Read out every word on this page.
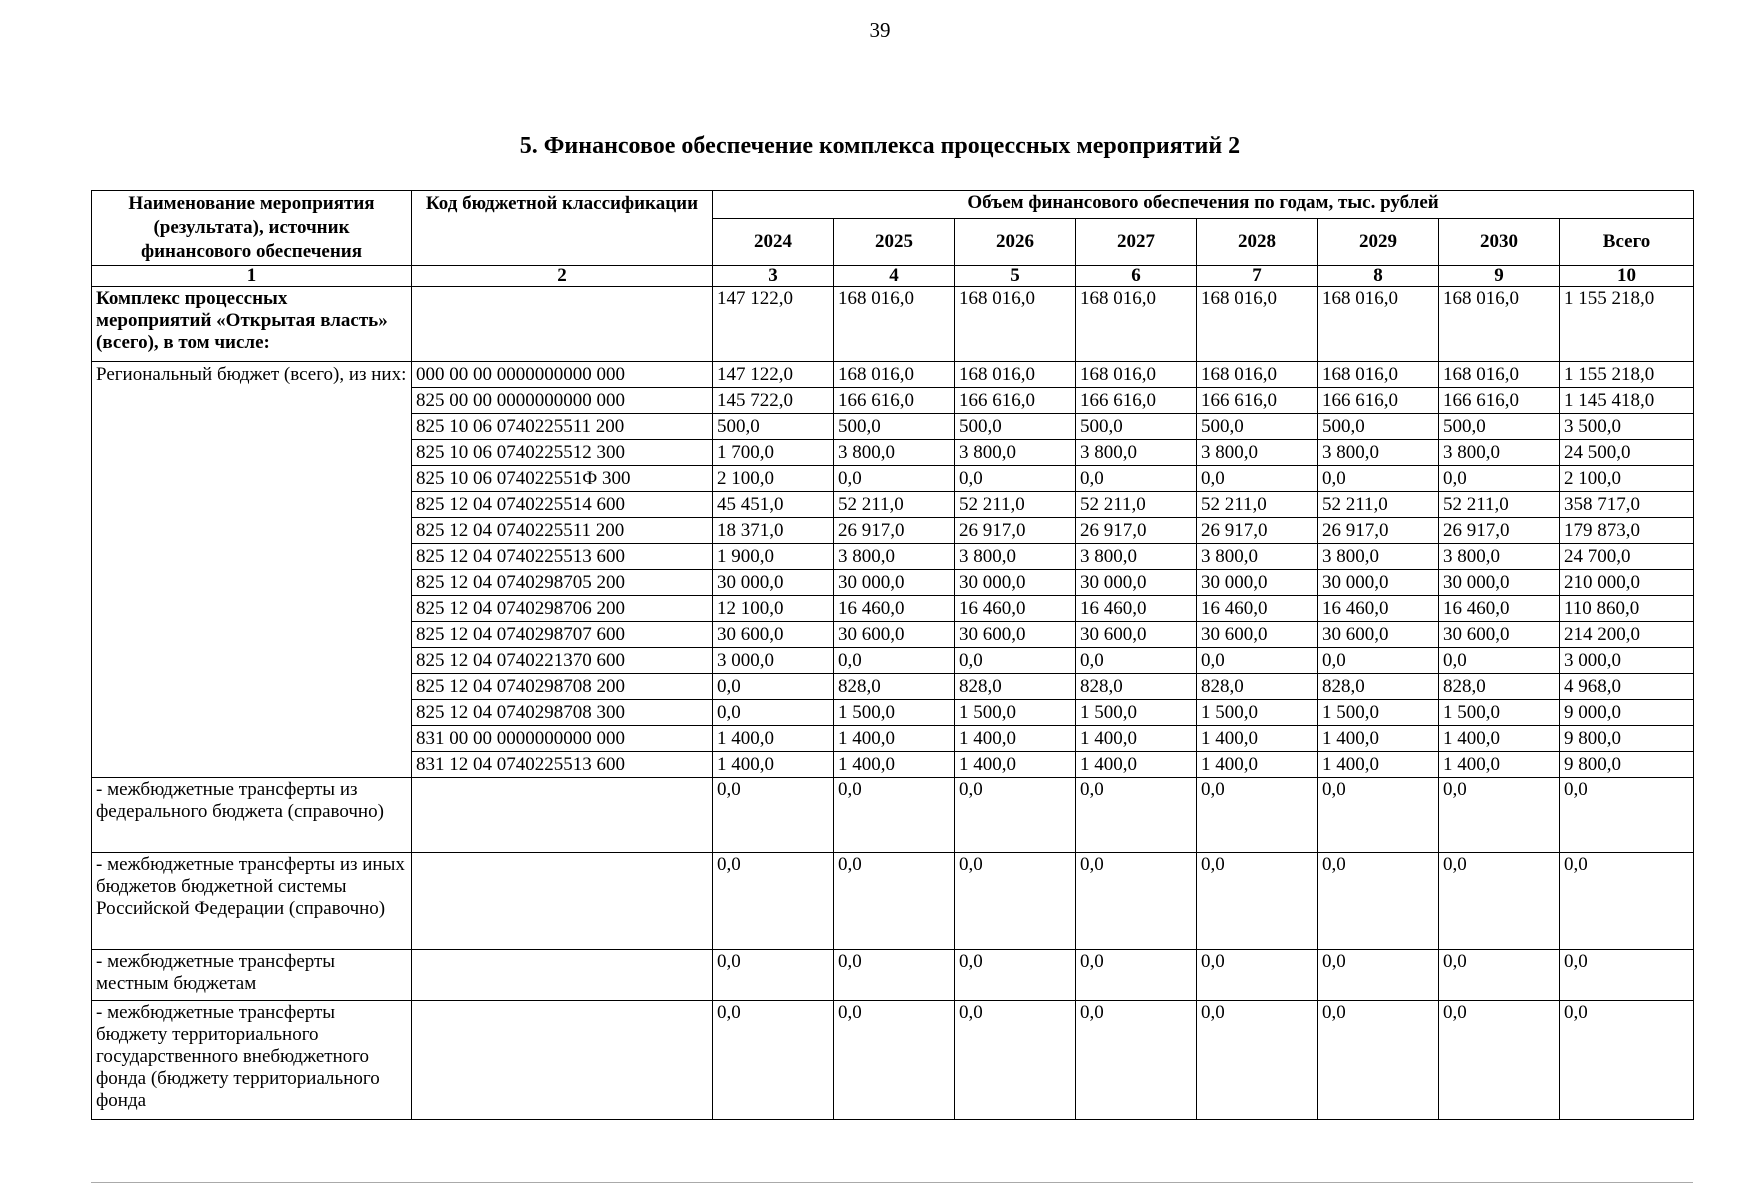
39
5. Финансовое обеспечение комплекса процессных мероприятий 2
Наименование мероприятия (результата), источник финансового обеспечения	Код бюджетной классификации	Объем финансового обеспечения по годам, тыс. рублей							
		2024	2025	2026	2027	2028	2029	2030	Всего
1	2	3	4	5	6	7	8	9	10
Комплекс процессных мероприятий «Открытая власть» (всего), в том числе:		147 122,0	168 016,0	168 016,0	168 016,0	168 016,0	168 016,0	168 016,0	1 155 218,0
Региональный бюджет (всего), из них:	000 00 00 0000000000 000	147 122,0	168 016,0	168 016,0	168 016,0	168 016,0	168 016,0	168 016,0	1 155 218,0
	825 00 00 0000000000 000	145 722,0	166 616,0	166 616,0	166 616,0	166 616,0	166 616,0	166 616,0	1 145 418,0
	825 10 06 0740225511 200	500,0	500,0	500,0	500,0	500,0	500,0	500,0	3 500,0
	825 10 06 0740225512 300	1 700,0	3 800,0	3 800,0	3 800,0	3 800,0	3 800,0	3 800,0	24 500,0
	825 10 06 074022551Ф 300	2 100,0	0,0	0,0	0,0	0,0	0,0	0,0	2 100,0
	825 12 04 0740225514 600	45 451,0	52 211,0	52 211,0	52 211,0	52 211,0	52 211,0	52 211,0	358 717,0
	825 12 04 0740225511 200	18 371,0	26 917,0	26 917,0	26 917,0	26 917,0	26 917,0	26 917,0	179 873,0
	825 12 04 0740225513 600	1 900,0	3 800,0	3 800,0	3 800,0	3 800,0	3 800,0	3 800,0	24 700,0
	825 12 04 0740298705 200	30 000,0	30 000,0	30 000,0	30 000,0	30 000,0	30 000,0	30 000,0	210 000,0
	825 12 04 0740298706 200	12 100,0	16 460,0	16 460,0	16 460,0	16 460,0	16 460,0	16 460,0	110 860,0
	825 12 04 0740298707 600	30 600,0	30 600,0	30 600,0	30 600,0	30 600,0	30 600,0	30 600,0	214 200,0
	825 12 04 0740221370 600	3 000,0	0,0	0,0	0,0	0,0	0,0	0,0	3 000,0
	825 12 04 0740298708 200	0,0	828,0	828,0	828,0	828,0	828,0	828,0	4 968,0
	825 12 04 0740298708 300	0,0	1 500,0	1 500,0	1 500,0	1 500,0	1 500,0	1 500,0	9 000,0
	831 00 00 0000000000 000	1 400,0	1 400,0	1 400,0	1 400,0	1 400,0	1 400,0	1 400,0	9 800,0
	831 12 04 0740225513 600	1 400,0	1 400,0	1 400,0	1 400,0	1 400,0	1 400,0	1 400,0	9 800,0
- межбюджетные трансферты из федерального бюджета (справочно)		0,0	0,0	0,0	0,0	0,0	0,0	0,0	0,0
- межбюджетные трансферты из иных бюджетов бюджетной системы Российской Федерации (справочно)		0,0	0,0	0,0	0,0	0,0	0,0	0,0	0,0
- межбюджетные трансферты местным бюджетам		0,0	0,0	0,0	0,0	0,0	0,0	0,0	0,0
- межбюджетные трансферты бюджету территориального государственного внебюджетного фонда (бюджету территориального фонда		0,0	0,0	0,0	0,0	0,0	0,0	0,0	0,0
